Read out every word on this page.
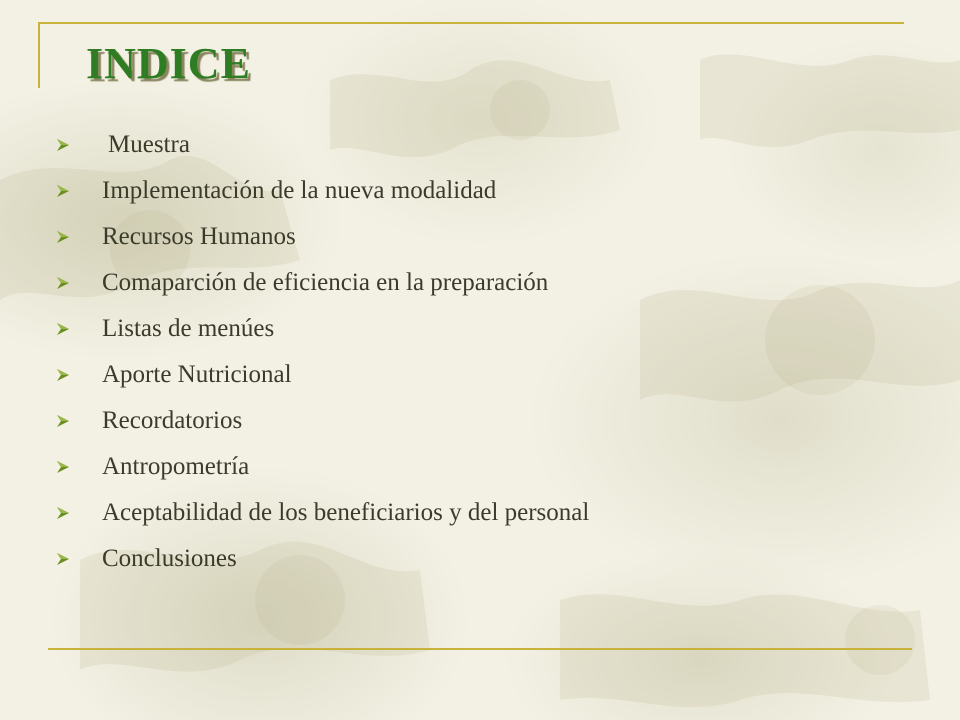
INDICE
Muestra
Implementación de la nueva modalidad
Recursos Humanos
Comaparción de eficiencia en la preparación
Listas de menúes
Aporte Nutricional
Recordatorios
Antropometría
Aceptabilidad de los beneficiarios y del personal
Conclusiones
